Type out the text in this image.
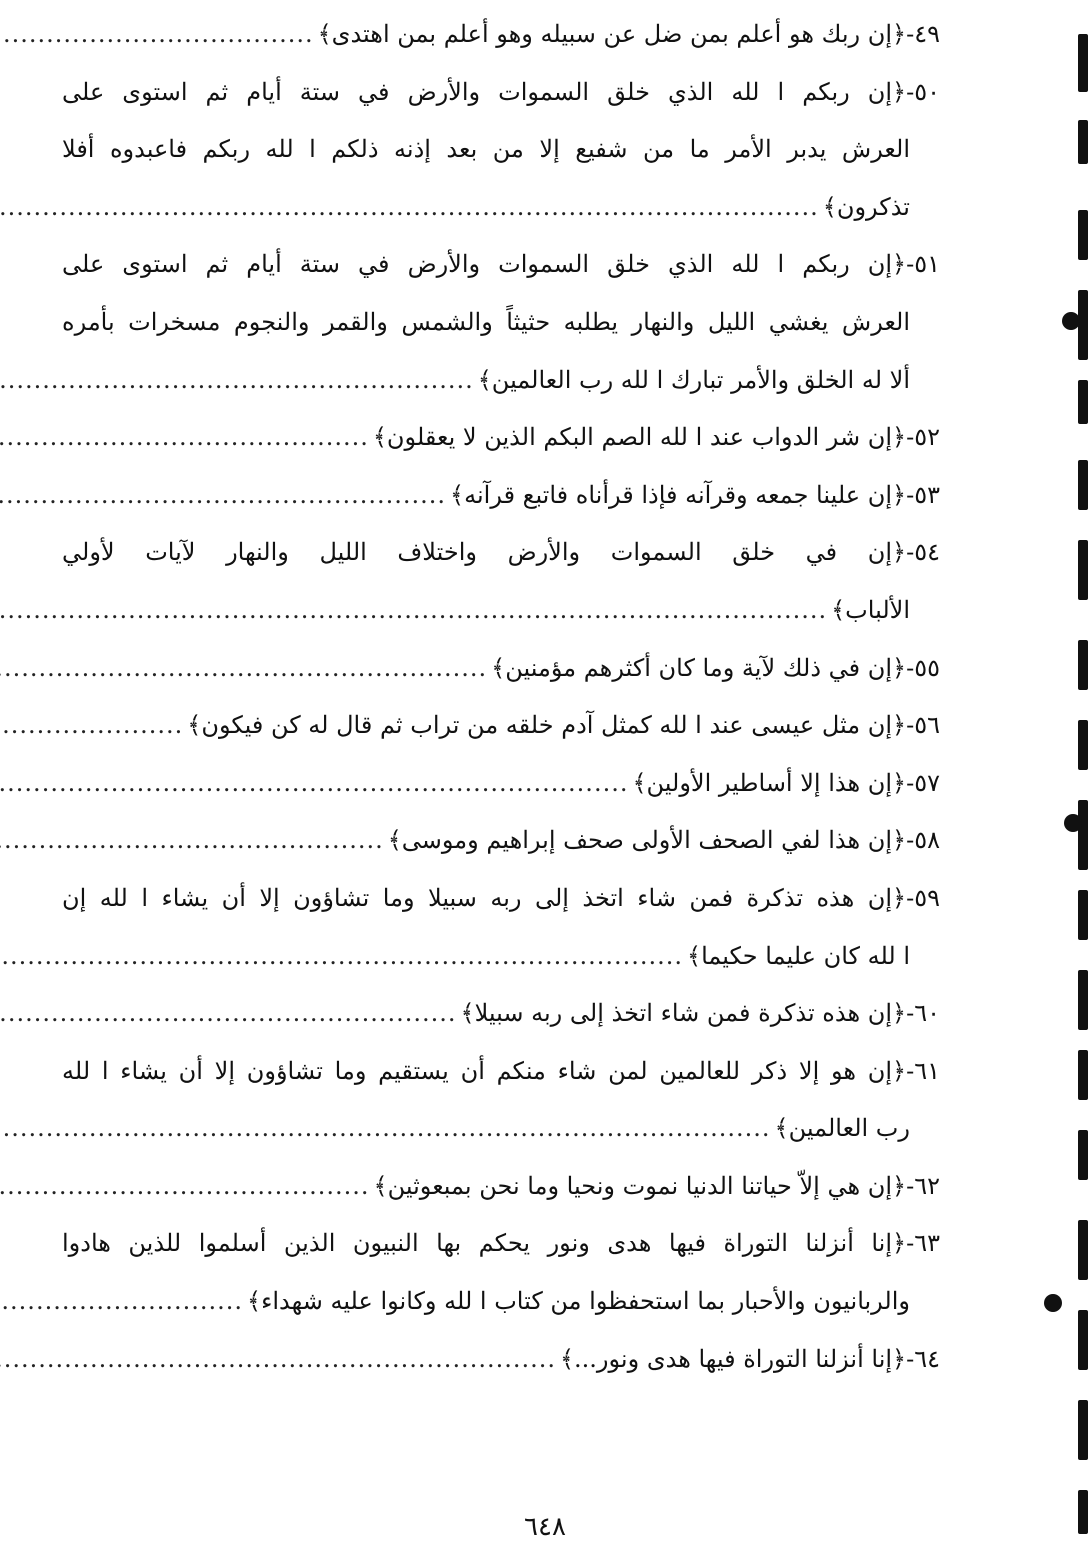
٤٩-﴿إن ربك هو أعلم بمن ضل عن سبيله وهو أعلم بمن اهتدى﴾
.....
٥٠-﴿إن ربكم ا لله الذي خلق السموات والأرض في ستة أيام ثم استوى على
العرش يدبر الأمر ما من شفيع إلا من بعد إذنه ذلكم ا لله ربكم فاعبدوه أفلا
تذكرون﴾
.....
٥١-﴿إن ربكم ا لله الذي خلق السموات والأرض في ستة أيام ثم استوى على
العرش يغشي الليل والنهار يطلبه حثيثاً والشمس والقمر والنجوم مسخرات بأمره
ألا له الخلق والأمر تبارك ا لله رب العالمين﴾
.....
٥٢-﴿إن شر الدواب عند ا لله الصم البكم الذين لا يعقلون﴾
.....
٥٣-﴿إن علينا جمعه وقرآنه فإذا قرأناه فاتبع قرآنه﴾
.....
٥٤-﴿إن في خلق السموات والأرض واختلاف الليل والنهار لآيات لأولي
الألباب﴾
.....
٥٥-﴿إن في ذلك لآية وما كان أكثرهم مؤمنين﴾
.....
٥٦-﴿إن مثل عيسى عند ا لله كمثل آدم خلقه من تراب ثم قال له كن فيكون﴾
.....
٥٧-﴿إن هذا إلا أساطير الأولين﴾
.....
٥٨-﴿إن هذا لفي الصحف الأولى صحف إبراهيم وموسى﴾
.....
٥٩-﴿إن هذه تذكرة فمن شاء اتخذ إلى ربه سبيلا وما تشاؤون إلا أن يشاء ا لله إن
ا لله كان عليما حكيما﴾
.....
٦٠-﴿إن هذه تذكرة فمن شاء اتخذ إلى ربه سبيلا﴾
.....
٦١-﴿إن هو إلا ذكر للعالمين لمن شاء منكم أن يستقيم وما تشاؤون إلا أن يشاء ا لله
رب العالمين﴾
.....
٦٢-﴿إن هي إلاّ حياتنا الدنيا نموت ونحيا وما نحن بمبعوثين﴾
.....
٦٣-﴿إنا أنزلنا التوراة فيها هدى ونور يحكم بها النبيون الذين أسلموا للذين هادوا
والربانيون والأحبار بما استحفظوا من كتاب ا لله وكانوا عليه شهداء﴾
.....
٦٤-﴿إنا أنزلنا التوراة فيها هدى ونور...﴾
.....
٦٤٨
